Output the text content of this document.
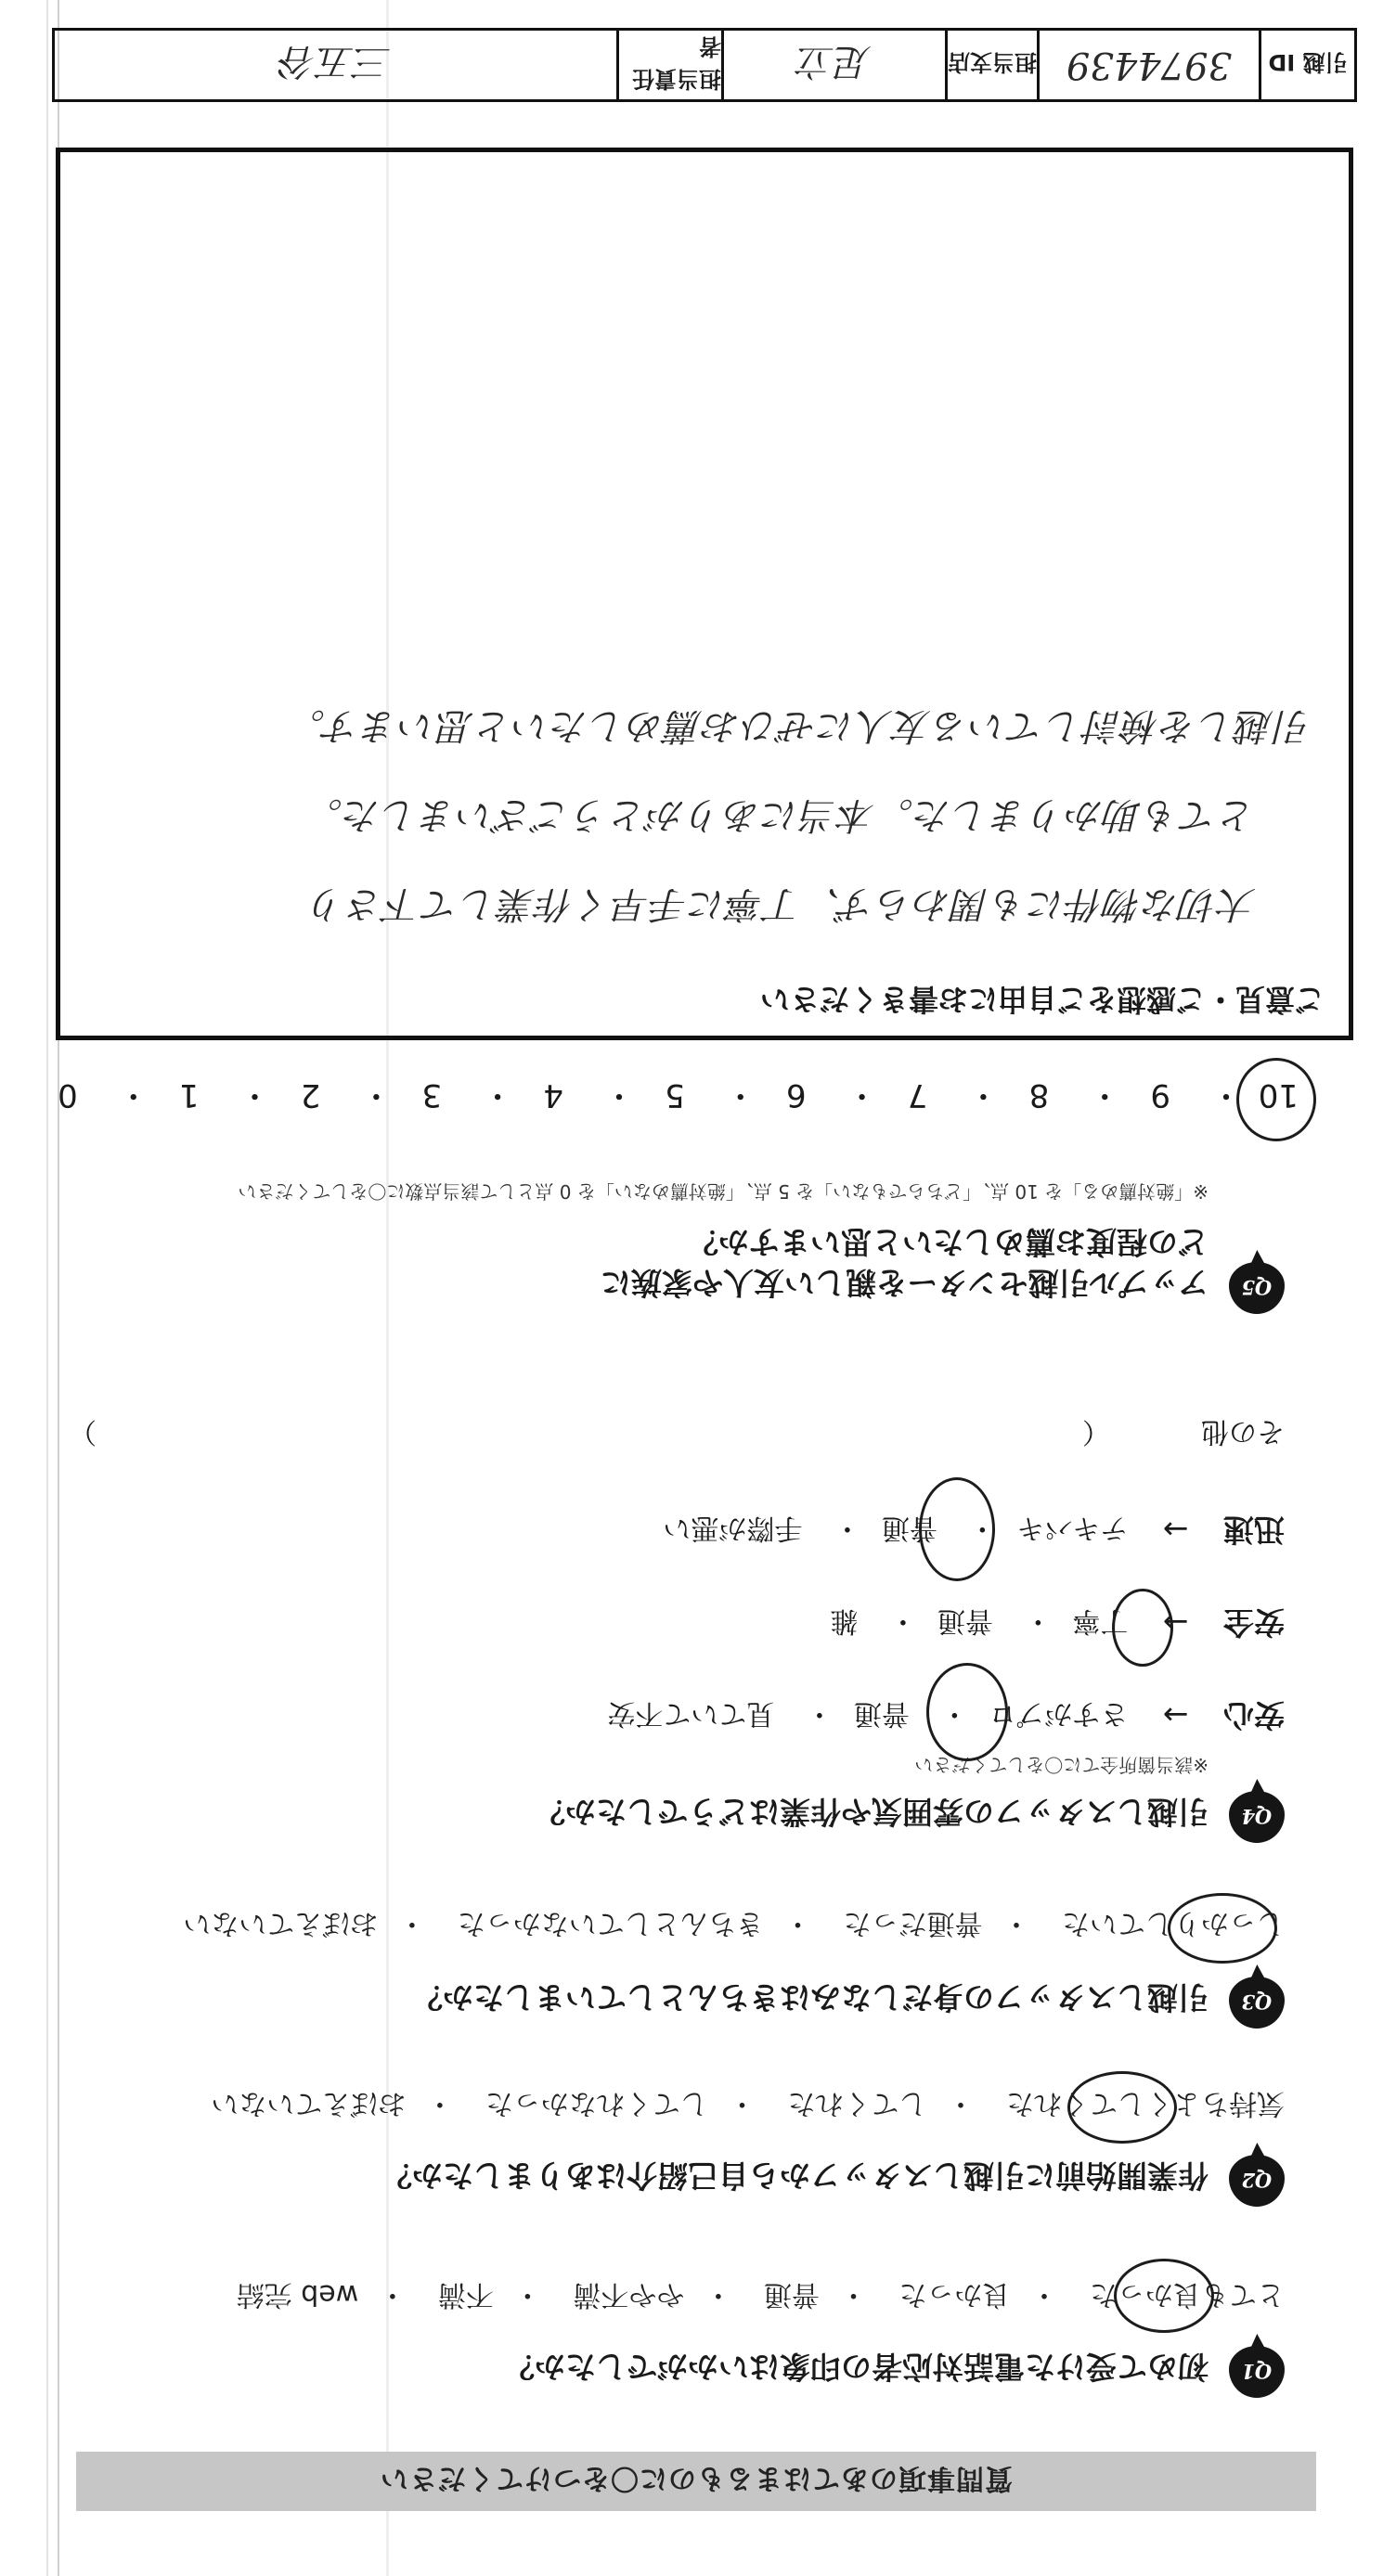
質問事項のあてはまるものに〇をつけてください
Q1
初めて受けた電話対応者の印象はいかがでしたか？
とても良かった・ 良かった・ 普通・ やや不満・ 不満・ web 完結
Q2
作業開始前に引越しスタッフから自己紹介はありましたか？
気持ちよくしてくれた・ してくれた・ してくれなかった・ おぼえていない
Q3
引越しスタッフの身だしなみはきちんとしていましたか？
しっかりしていた・ 普通だった・ きちんとしていなかった・ おぼえていない
Q4
引越しスタッフの雰囲気や作業はどうでしたか？
※該当箇所全てに〇をしてください
安心 → さすがプロ・ 普通・ 見ていて不安
安全 → 丁寧・ 普通・ 雑
迅速 → テキパキ・ 普通・ 手際が悪い
その他
（
）
Q5
アップル引越センターを親しい友人や家族に
どの程度お薦めしたいと思いますか？
※「絶対薦める」を 10 点、「どちらでもない」を 5 点、「絶対薦めない」を 0 点として該当点数に〇をしてください
10・ 9・ 8・ 7・ 6・ 5・ 4・ 3・ 2・ 1・ 0
ご意見・ご感想をご自由にお書きください
大切な物件にも関わらず、丁寧に手早く作業して下さり
とても助かりました。本当にありがとうございました。
引越しを検討している友人にぜひお薦めしたいと思います。
引越 ID
3974439
担当支店
足立
担当責任者
三五谷
